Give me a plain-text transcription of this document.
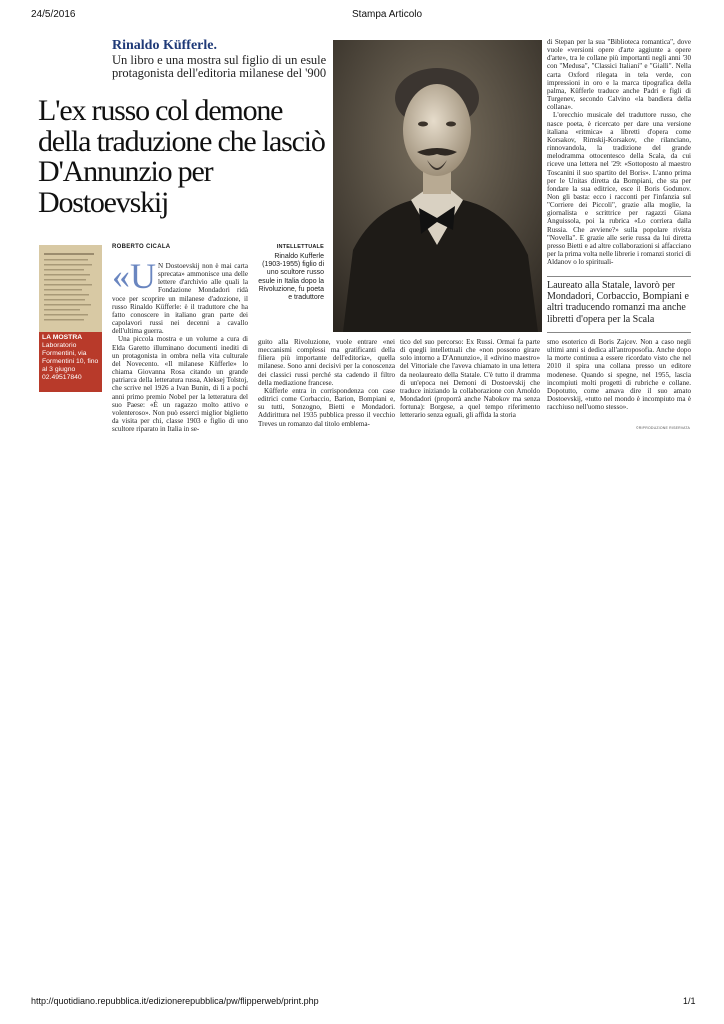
24/5/2016	Stampa Articolo
Rinaldo Küfferle.
Un libro e una mostra sul figlio di un esule protagonista dell'editoria milanese del '900
L'ex russo col demone della traduzione che lasciò D'Annunzio per Dostoevskij
LA MOSTRA
Laboratorio Formentini, via Formentini 10, fino al 3 giugno 02.49517840
ROBERTO CICALA	INTELLETTUALE
Rinaldo Kufferle (1903-1955) figlio di uno scultore russo esule in Italia dopo la Rivoluzione, fu poeta e traduttore

«U N Dostoevskij non è mai carta sprecata» ammonisce una delle lettere d'archivio alle quali la Fondazione Mondadori ridà voce per scoprire un milanese d'adozione, il russo Rinaldo Küfferle: è il traduttore che ha fatto conoscere in italiano gran parte dei capolavori russi nei decenni a cavallo dell'ultima guerra.

Una piccola mostra e un volume a cura di Elda Garetto illuminano documenti inediti di un protagonista in ombra nella vita culturale del Novecento. «Il milanese Küfferle» lo chiama Giovanna Rosa citando un grande patriarca della letteratura russa, Aleksej Tolstoj, che scrive nel 1926 a Ivan Bunin, di lì a pochi anni primo premio Nobel per la letteratura del suo Paese: «È un ragazzo molto attivo e volenteroso». Non può esserci miglior biglietto da visita per chi, classe 1903 e figlio di uno scultore riparato in Italia in se-

guito alla Rivoluzione, vuole entrare «nei meccanismi complessi ma gratificanti della filiera più importante dell'editoria», quella milanese. Sono anni decisivi per la conoscenza dei classici russi perché sta cadendo il filtro della mediazione francese.

Küfferle entra in corrispondenza con case editrici come Corbaccio, Barion, Bompiani e, su tutti, Sonzogno, Bietti e Mondadori. Addirittura nel 1935 pubblica presso il vecchio Treves un romanzo dal titolo emblema-

tico del suo percorso: Ex Russi. Ormai fa parte di quegli intellettuali che «non possono girare solo intorno a D'Annunzio», il «divino maestro» del Vittoriale che l'aveva chiamato in una lettera da neolaureato della Statale. C'è tutto il dramma di un'epoca nei Demoni di Dostoevskij che traduce iniziando la collaborazione con Arnoldo Mondadori (proporrà anche Nabokov ma senza fortuna): Borgese, a quel tempo riferimento letterario senza eguali, gli affida la storia

di Stepan per la sua "Biblioteca romantica", dove vuole «versioni opere d'arte aggiunte a opere d'arte», tra le collane più importanti negli anni '30 con "Medusa", "Classici Italiani" e "Gialli". Nella carta Oxford rilegata in tela verde, con impressioni in oro e la marca tipografica della palma, Küfferle traduce anche Padri e figli di Turgenev, secondo Calvino «la bandiera della collana».

L'orecchio musicale del traduttore russo, che nasce poeta, è ricercato per dare una versione italiana «ritmica» a libretti d'opera come Korsakov, Rimskij-Korsakov, che rilanciano, rinnovandola, la tradizione del grande melodramma ottocentesco della Scala, da cui riceve una lettera nel '29: «Sottoposto al maestro Toscanini il suo spartito del Boris». L'anno prima per le Unitas diretta da Bompiani, che sta per fondare la sua editrice, esce il Boris Godunov. Non gli basta: ecco i racconti per l'infanzia sul "Corriere dei Piccoli", grazie alla moglie, la giornalista e scrittrice per ragazzi Giana Anguissola, poi la rubrica «Lo corriera dalla Russia. Che avviene?» sulla popolare rivista "Novella". E grazie alle serie russa da lui diretta presso Bietti e ad altre collaborazioni si affacciano per la prima volta nelle librerie i romanzi storici di Aldanov o lo spirituali-

Laureato alla Statale, lavorò per Mondadori, Corbaccio, Bompiani e altri traducendo romanzi ma anche libretti d'opera per la Scala

smo esoterico di Boris Zajcev. Non a caso negli ultimi anni si dedica all'antroposofia. Anche dopo la morte continua a essere ricordato visto che nel 2010 il spira una collana presso un editore modenese. Quando si spegne, nel 1955, lascia incompiuti molti progetti di rubriche e collane. Dopotutto, come amava dire il suo amato Dostoevskij, «tutto nel mondo è incompiuto ma è racchiuso nell'uomo stesso».

©RIPRODUZIONE RISERVATA
http://quotidiano.repubblica.it/edizionerepubblica/pw/flipperweb/print.php	1/1
